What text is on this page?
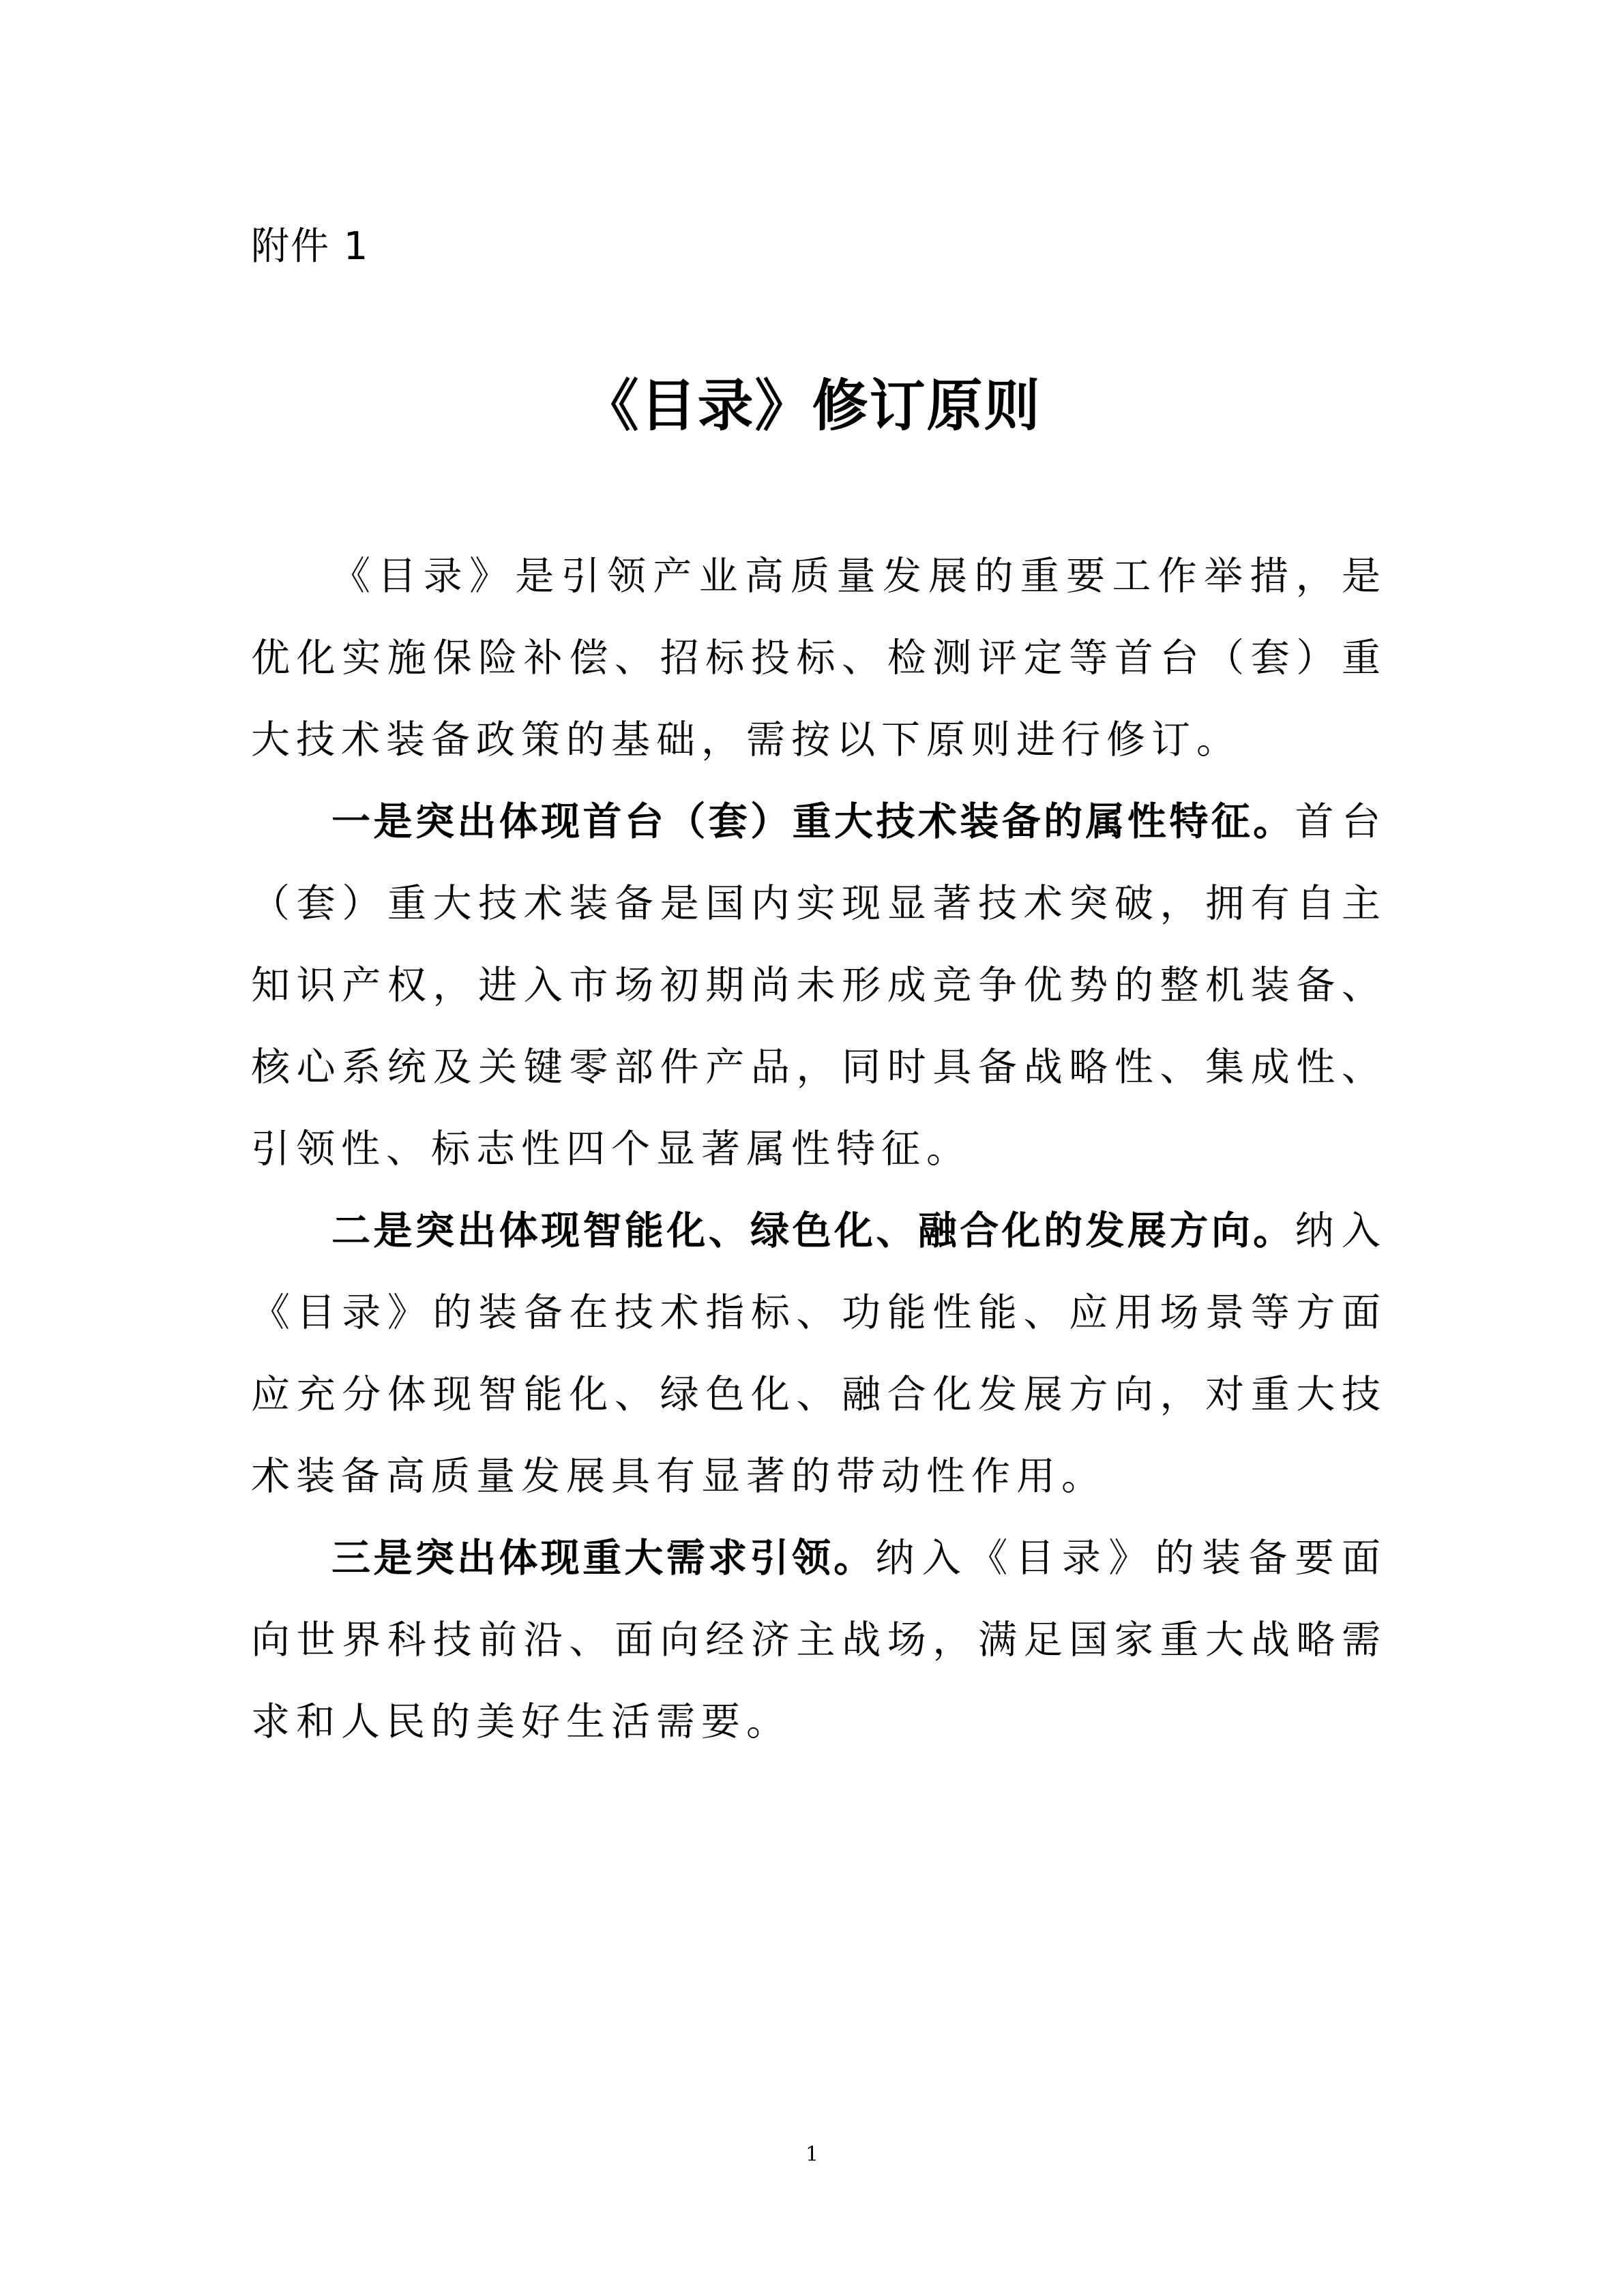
附件 1
《目录》修订原则

《目录》是引领产业高质量发展的重要工作举措，是优化实施保险补偿、招标投标、检测评定等首台（套）重大技术装备政策的基础，需按以下原则进行修订。

一是突出体现首台（套）重大技术装备的属性特征。首台（套）重大技术装备是国内实现显著技术突破，拥有自主知识产权，进入市场初期尚未形成竞争优势的整机装备、核心系统及关键零部件产品，同时具备战略性、集成性、引领性、标志性四个显著属性特征。

二是突出体现智能化、绿色化、融合化的发展方向。纳入《目录》的装备在技术指标、功能性能、应用场景等方面应充分体现智能化、绿色化、融合化发展方向，对重大技术装备高质量发展具有显著的带动性作用。

三是突出体现重大需求引领。纳入《目录》的装备要面向世界科技前沿、面向经济主战场，满足国家重大战略需求和人民的美好生活需要。

1
